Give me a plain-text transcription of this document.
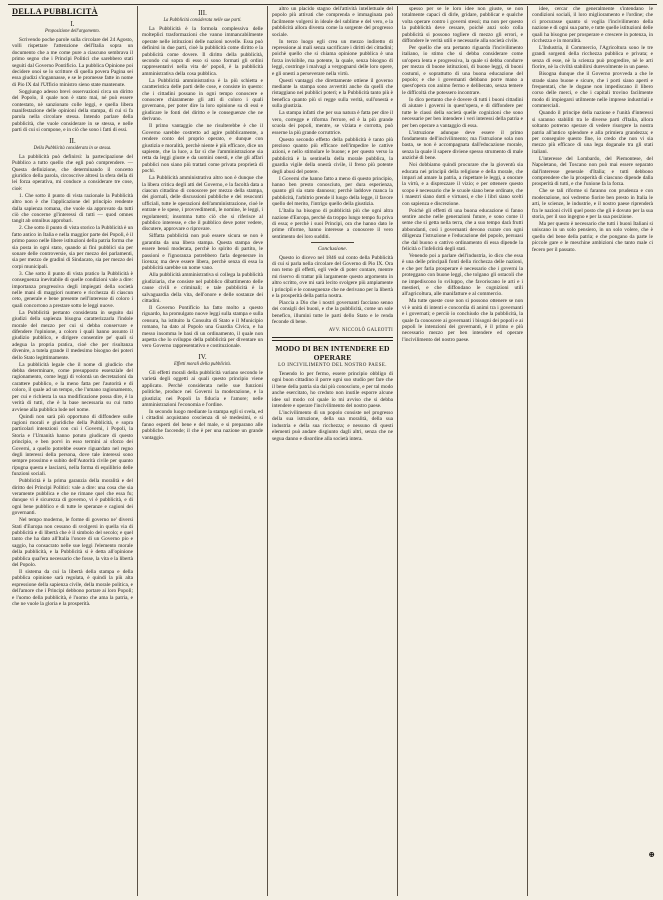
DELLA PUBBLICITÀ
I.
Proposizione dell'argomento.

Scrivendo poche parole sulla circolare del 24 Agosto, volli rispettare l'attenzione dell'Italia sopra un documento che a me come pure a ciascuno sembrava il primo segno che i Principi Politici che sarebbero stati seguiti dal Governo Pontificio. La pubblica Opinione poi decidere onoi se lo scrittore di quella povera Pagina sei essa giudizi s'ingannasse, e se le promesse fatte in nome di Pio IX dal l'Ufficio ministro sieno state mantenute.

Soggiungo adesso brevi osservazioni circa un diritto del Popolo, il quale non è stato mai, né può essere contestato, nè sanzionato colle leggi, e quella libera manifestazione delle opinioni della stampa, di cui si fa parola nella circolare stessa. Intendo parlare della pubblicità, che vuole considerare in se stessa, e nelle parti di cui si compone, e in ciò che sono i fatti di essi.

II.
Della Pubblicità considerata in se stessa.

La pubblicità può definirsi: la partecipazione del Pubblico a tutto quello che egli può comprendere. — Questa definizione, che determinando il concetto giuridico della parola, circoscrive altresì la sfera della di lei forza operativa, mi conduce a considerare tre cose, cioè:

1. Che sotto il punto di vista razionale la Pubblicità altro non è che l'applicazione del principio rendente dalla sapienza romana, che vuole sia approvato da tutti ciò che concerne gl'interessi di tutti — quod omnes tangit ab omnibus approbari.

2. Che sotto il punto di vista storico la Pubblicità è un fatto antico in Italia e nella maggior parte dei Popoli, è il primo passo nelle libere istituzioni della patria forma che sia posta in ogni stato, quando ai fini pubblici sia per sonare delle controversie, sia per mezzo dei parlamenti, sia per mezzo de gradini di Sindacato, sia per mezzo dei corpi municipali.

3. Che sotto il punto di vista pratico la Pubblicità è conseguenza inevitabile di quelle condizioni vale a dire: importanza progressiva degli impiegati della società nelle mani di maggiori numero e ricchezza di ciascun ceto, generale e bene presente nell'interesse di coloro i quali concorrono a prestare sotto le leggi nuove.

La Pubblicità pertanto considerata in seguito dai giudizi della sapienza bisogna caratterizzarla l'indole morale del mezzo per cui si debba conservare e difendere l'opinione, a coloro i quali hanno assunto il giudizio pubblico, e dirigere consentire pe' quali si adegua la propria pratica, cioè che per risultanza divenire, a tutela grande il medesimo bisogno dei poteri dello Stato legittimamente.

La pubblicità legale che il nome di giudicio che debba determinare, come presupposto essenziale del ragionamento, come leggi di volontà un decretazioni da carattere pubblico, e la meno fatta per l'autorità e di coloro, il quale ad un tempo, che l'umano ragionamento, per cui e richiesta la sua modificazione possa dire, è la verità di tutti, che è la base necessaria su cui tutto avviene alla pubblica lode nel nome.

Quindi non sarà più opportuno di diffondere sulle ragioni morali e giuridiche della Pubblicità, e sopra particolari intenzioni con cui i Governi, i Popoli, la Storia e l'Umanità hanno potuto giudicare di questo principio, e ben porvi in esso termini ai sforzo dei Governi, a quello potrebbe essere riguardato nel regno degli interessi della persona, dove tale interessi sono sempre prossimo e subito dell'Autorità civile per quanto ripugna questa e lasciarsi, nella forma di equilibrio delle funzioni sociali.

Pubblicità è la prima garanzia della moralità e del diritto dei Principi Politici: vale a dire: una cosa che sia veramente pubblica e che ne rimane quel che essa fu; dunque vi è sicurezza di governo, vi è pubblicità, e di ogni bene pubblico e di tutte le speranze e cagioni dei governanti.

Nel tempo moderno, le forme di governo ne' diversi Stati d'Europa non cessano di svolgersi in quella via di pubblicità e di libertà che è il simbolo del secolo; e quel tanto che ha dato all'Italia l'onore di un Governo pio e saggio, ha consacrato nelle sue leggi l'elemento morale della pubblicità, e la Pubblicità si è detta all'opinione pubblica qual'era necessario che fosse, la vita e la libertà del Popolo.

Il sistema da cui la libertà della stampa e della pubblica opinione sarà regolata, è quindi la più alta espressione della sapienza civile, della morale politica, e dell'amore che i Principi debbono portare ai loro Popoli; e l'uomo della pubblicità, è l'uomo che ama la patria, e che ne vuole la gloria e la prosperità.

III.
La Pubblicità considerata nelle sue parti.

La Pubblicità è la formola complessiva delle molteplici trasformazioni che vanno immancabilmente operate nelle istituzioni delle nazioni novelle. Essa può definirsi in due parti, cioè la pubblicità come diritto e la pubblicità come dovere. Il diritto della pubblicità, secondo cui sopra di esso si sono formati gli ordini rappresentativi nella vita de' popoli, è la pubblicità amministrativa della cosa pubblica.

La Pubblicità amministrativa è la più schietta e caratteristica delle parti delle cose, e consiste in questo: che i cittadini possano in ogni tempo conoscere e conoscere chiaramente gli atti di coloro i quali governano, per poter dire la loro opinione su di essi e giudicare le fonti del diritto e le conseguenze che ne derivano.

Il primo vantaggio che ne risulterebbe è che il Governo sarebbe costretto ad agire pubblicamente, a rendere conto del proprio operato, e dunque con giustizia e moralità, perchè niente è più efficace, dice un sapiente, che la luce, a far sì che l'amministrazione sia retta da leggi giuste e da uomini onesti, e che gli affari pubblici non siano più trattati come privata proprietà di pochi.

La Pubblicità amministrativa altro non è dunque che la libera critica degli atti del Governo, e la facoltà data a ciascun cittadino di conoscere per mezzo della stampa, dei giornali, delle discussioni pubbliche e dei resoconti ufficiali, tutte le operazioni dell'amministrazione, cioè le entrate e le spese, i provvedimenti, le nomine, le leggi, i regolamenti; insomma tutto ciò che si riferisce al pubblico interesse, e che il pubblico deve poter vedere, discutere, approvare o riprovare.

Siffatta pubblicità non può essere sicura se non è garantita da una libera stampa. Questa stampa deve essere bensì moderata, perchè lo spirito di partito, le passioni e l'ignoranza potrebbero farla degenerare in licenza; ma deve essere libera, perchè senza di essa la pubblicità sarebbe un nome vano.

Alla pubblicità amministrativa si collega la pubblicità giudiziaria, che consiste nel pubblico dibattimento delle cause civili e criminali; e tale pubblicità è la salvaguardia della vita, dell'onore e delle sostanze dei cittadini.

Il Governo Pontificio ha fatto molto a questo riguardo, ha promulgato nuove leggi sulla stampa e sulla censura, ha istituito la Consulta di Stato e il Municipio romano, ha dato al Popolo una Guardia Civica, e ha messo insomma le basi di un ordinamento, il quale non aspetta che lo sviluppo della pubblicità per diventare un vero Governo rappresentativo e costituzionale.

IV.
Effetti morali della pubblicità.

Gli effetti morali della pubblicità variano secondo le varietà degli oggetti ai quali questo principio viene applicato. Perchè considerata nelle sue funzioni politiche, produce nei Governi la moderazione, e la giustizia; nei Popoli la fiducia e l'amore; nelle amministrazioni l'economia e l'ordine.

In secondo luogo mediante la stampa egli si svela, ed i cittadini acquistano coscienza di sè medesimi, e si fanno esperti del bene e del male, e si preparano alle pubbliche faccende; il che è per una nazione un grande vantaggio.

altro un placido stagno dell'attività intellettuale del popolo più attivati che comprenda e immaginata può facilmente volgersi in ideale del sublime e del vero, e la pubblicità allora diventa come la sorgente del progresso sociale.

In terzo luogo egli crea un mezzo indiretto di repressione ai mali senza sacrificare i diritti dei cittadini; poichè quello che si chiama opinione pubblica è una forza invisibile, ma potente, la quale, senza bisogno di leggi, costringe i malvagi a vergognarsi delle loro opere, e gli onesti a perseverare nella virtù.

Questi vantaggi che direttamente ottiene il governo mediante la stampa sono avvertiti anche da quelli che ristaggiano nei pubblici poteri; e la Pubblicità tanto più è benefica quanto più si regge sulla verità, sull'onestà e sulla giustizia.

La stampa infatti che per sua natura è fatta per dire il vero, corregge e riforma l'errore, ed è la più grande scuola dei popoli, mentre, se viziata e corrotta, può esserne la più grande corruttrice.

Questo secondo effetto della pubblicità è tanto più prezioso quanto più efficace nell'impedire le cattive azioni, e nello stimolare le buone; e per questo verso la pubblicità è la sentinella della morale pubblica, la guardia vigile della onestà civile, il freno più potente degli abusi del potere.

I Governi che hanno fatto a meno di questo principio, hanno ben presto conosciuto, per dura esperienza, quanto gli sia stato dannoso; perchè laddove manca la pubblicità, l'arbitrio prende il luogo della legge, il favore quello del merito, l'intrigo quello della giustizia.

L'Italia ha bisogno di pubblicità più che ogni altra nazione d'Europa, perchè da troppo lungo tempo fu priva di essa; e perchè i suoi Principi, ora che hanno dato le prime riforme, hanno interesse a conoscere il vero sentimento dei loro sudditi.

Conclusione.

Questo io dicevo nel 1846 sul conto della Pubblicità di cui si parla nella circolare del Governo di Pio IX. Ora non temo gli effetti, egli vede di poter contare, mentre mi riservo di trattar più largamente questo argomento in altro scritto, ove mi sarà lecito svolgere più ampiamente i principii e le conseguenze che ne derivano per la libertà e la prosperità della patria nostra.

Piaccia a Dio che i nostri governanti facciano senno dei consigli dei buoni, e che la pubblicità, come un sole benefico, illumini tutte le parti dello Stato e le renda feconde di bene.

AVV. NICCOLÒ GALEOTTI
MODO DI BEN INTENDERE ED OPERARE
LO INCIVILIMENTO DEL NOSTRO PAESE.

Tenendo lo per fermo, essere principio obbligo di ogni buon cittadino il porre ogni suo studio per fare che il bene della patria sia dai più conosciuto, e per tal modo anche esercitato, ho creduto non inutile esporre alcune idee sul modo col quale io mi avviso che si debba intendere e operare l'incivilimento del nostro paese.

L'incivilimento di un popolo consiste nel progresso della sua istruzione, della sua moralità, della sua industria e della sua ricchezza; e nessuno di questi elementi può andare disgiunto dagli altri, senza che ne segua danno e disordine alla società intera.

spesso per se le loro idee non giuste, se non totalmente capaci di dirle, gridare, pubblicar e qualche volta operare contro i governi stessi; ma non per questo la pubblicità deve cessare, poichè anzi solo colla pubblicità si possono togliere di mezzo gli errori, e diffondere le verità utili e necessarie alla società civile.

Per quello che ora pertanto riguarda l'incivilimento italiano, io stimo che si debba considerare come un'opera lenta e progressiva, la quale si debba condurre per mezzo di buone istituzioni, di buone leggi, di buoni costumi, e soprattutto di una buona educazione del popolo; e che i governanti debbano porre mano a quest'opera con animo fermo e deliberato, senza temere le difficoltà che potessero incontrare.

Io dico pertanto che è dovere di tutti i buoni cittadini di aiutare i governi in quest'opera, e di diffondere per tutte le classi della società quelle cognizioni che sono necessarie per ben intendere i veri interessi della patria e per ben operare a vantaggio di essa.

L'istruzione adunque deve essere il primo fondamento dell'incivilimento; ma l'istruzione sola non basta, se non è accompagnata dall'educazione morale, senza la quale il sapere diviene spesso strumento di male anzichè di bene.

Noi dobbiamo quindi procurare che la gioventù sia educata nei principii della religione e della morale, che impari ad amare la patria, a rispettare le leggi, a onorare la virtù, e a disprezzare il vizio; e per ottenere questo scopo è necessario che le scuole siano bene ordinate, che i maestri siano dotti e virtuosi, e che i libri siano scelti con sapienza e discrezione.

Poichè gli effetti di una buona educazione si fanno sentire anche nelle generazioni future, e sono come il seme che si getta nella terra, che a suo tempo darà frutti abbondanti, così i governanti devono curare con ogni diligenza l'istruzione e l'educazione del popolo, persuasi che dal buono o cattivo ordinamento di essa dipende la felicità o l'infelicità degli stati.

Venendo poi a parlare dell'industria, io dico che essa è una delle principali fonti della ricchezza delle nazioni, e che per farla prosperare è necessario che i governi la proteggano con buone leggi, che tolgano gli ostacoli che ne impediscono lo sviluppo, che favoriscano le arti e i mestieri, e che diffondano le cognizioni utili all'agricoltura, alle manifatture e al commercio.

Ma tutte queste cose non si possono ottenere se non vi è unità di intenti e concordia di animi tra i governanti e i governati; e perciò io conchiudo che la pubblicità, la quale fa conoscere ai governanti i bisogni dei popoli e ai popoli le intenzioni dei governanti, è il primo e più necessario mezzo per ben intendere ed operare l'incivilimento del nostro paese.

idee, cercar che generalmente s'intendano le condizioni sociali, il loro miglioramento e l'ordine; che ci procurasse quanto si voglia l'incivilimento della nazione e di ogni sua parte, e tutte quelle istituzioni delle quali ha bisogno per prosperare e crescere in potenza, in ricchezza e in moralità.

L'Industria, il Commercio, l'Agricoltura sono le tre grandi sorgenti della ricchezza pubblica e privata; e senza di esse, nè la scienza può progredire, nè le arti fiorire, nè la civiltà stabilirsi durevolmente in un paese.

Bisogna dunque che il Governo provveda a che le strade siano buone e sicure, che i porti siano aperti e frequentati, che le dogane non impediscano il libero corso delle merci, e che i capitali trovino facilmente modo di impiegarsi utilmente nelle imprese industriali e commerciali.

Quando il principe della nazione e l'unità d'interessi si saranno stabiliti tra le diverse parti d'Italia, allora soltanto potremo sperare di vedere risorgere la nostra patria all'antico splendore e alla primiera grandezza; e per conseguire questo fine, io credo che non vi sia mezzo più efficace di una lega doganale tra gli stati italiani.

L'interesse del Lombardo, del Piemontese, del Napoletano, del Toscano non può mai essere separato dall'interesse generale d'Italia; e tutti debbono comprendere che la prosperità di ciascuno dipende dalla prosperità di tutti, e che l'unione fa la forza.

Che se tali riforme si faranno con prudenza e con moderazione, noi vedremo fiorire ben presto in Italia le arti, le scienze, le industrie, e il nostro paese riprenderà fra le nazioni civili quel posto che gli è dovuto per la sua storia, per il suo ingegno e per la sua posizione.

Ma per questo è necessario che tutti i buoni Italiani si uniscano in un solo pensiero, in un solo volere, che è quello del bene della patria; e che pongano da parte le piccole gare e le meschine ambizioni che tanto male ci fecero per il passato.

⊕
